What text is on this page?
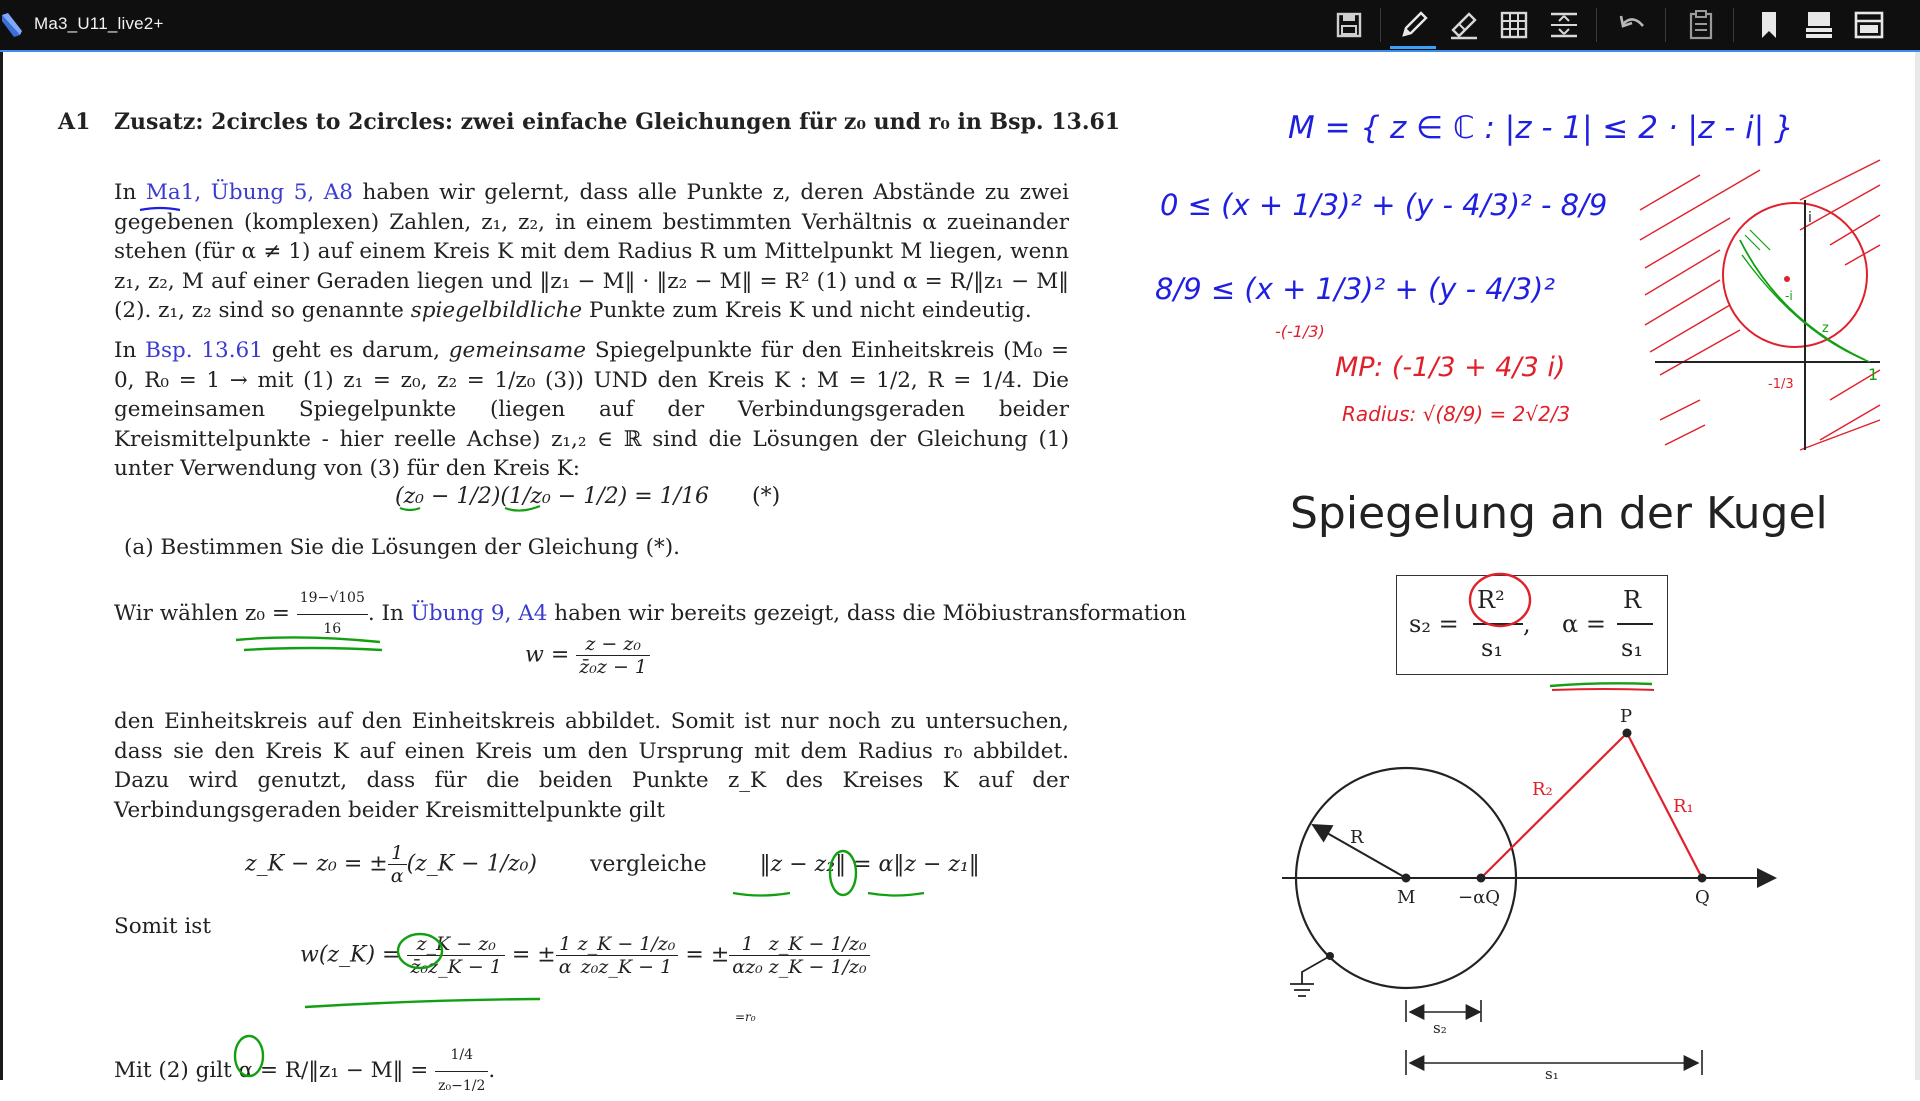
Ma3_U11_live2+
A1 Zusatz: 2circles to 2circles: zwei einfache Gleichungen für z₀ und r₀ in Bsp. 13.61
In Ma1, Übung 5, A8 haben wir gelernt, dass alle Punkte z, deren Abstände zu zwei gegebenen (komplexen) Zahlen, z₁, z₂, in einem bestimmten Verhältnis α zueinander stehen (für α ≠ 1) auf einem Kreis K mit dem Radius R um Mittelpunkt M liegen, wenn z₁, z₂, M auf einer Geraden liegen und ‖z₁ − M‖ · ‖z₂ − M‖ = R² (1) und α = R/‖z₁ − M‖ (2). z₁, z₂ sind so genannte spiegelbildliche Punkte zum Kreis K und nicht eindeutig.
In Bsp. 13.61 geht es darum, gemeinsame Spiegelpunkte für den Einheitskreis (M₀ = 0, R₀ = 1 → mit (1) z₁ = z₀, z₂ = 1/z₀ (3)) UND den Kreis K : M = 1/2, R = 1/4. Die gemeinsamen Spiegelpunkte (liegen auf der Verbindungsgeraden beider Kreismittelpunkte - hier reelle Achse) z₁,₂ ∈ ℝ sind die Lösungen der Gleichung (1) unter Verwendung von (3) für den Kreis K:
(z₀ − 1/2)(1/z₀ − 1/2) = 1/16 (*)
(a) Bestimmen Sie die Lösungen der Gleichung (*).
Wir wählen $z_0 = \frac{19-√105}{16}$ . In Übung 9, A4 haben wir bereits gezeigt, dass die Möbiustransformation
$w = \frac{\text{z − z₀}}{\text{z̄₀z − 1}}$
den Einheitskreis auf den Einheitskreis abbildet. Somit ist nur noch zu untersuchen, dass sie den Kreis K auf einen Kreis um den Ursprung mit dem Radius r₀ abbildet. Dazu wird genutzt, dass für die beiden Punkte z_K des Kreises K auf der Verbindungsgeraden beider Kreismittelpunkte gilt
z_K − z₀ = ± $\frac{1}{\alpha}$ (z_K − 1/z₀) vergleiche ‖z − z₂‖ = α‖z − z₁‖
Somit ist
w(z_K) = $\frac{\text{z\_K − z₀}}{\text{z̄₀z\_K − 1}}$ = ± $\frac{1}{\alpha} \frac{\text{z\_K − 1/z₀}}{\text{z₀z\_K − 1}}$ = ± $\frac{1}{\text{αz₀}} \frac{\text{z\_K − 1/z₀}}{\text{z\_K − 1/z₀}}$
=r₀
Mit (2) gilt α = R/‖z₁ − M‖ = $\frac{1/4}{\text{z₀−1/2}}$ .
M = { z ∈ ℂ : |z - 1| ≤ 2 · |z - i| }
0 ≤ (x + 1/3)² + (y - 4/3)² - 8/9
8/9 ≤ (x + 1/3)² + (y - 4/3)²
-(-1/3)
MP: (-1/3 + 4/3 i)
Radius: √(8/9) = 2√2/3
1
-1/3
i
-i
z
Spiegelung an der Kugel
s₂ =
R²
s₁
, α =
R
s₁
P
R₂
R₁
R
M −αQ	Q
s₂
s₁
